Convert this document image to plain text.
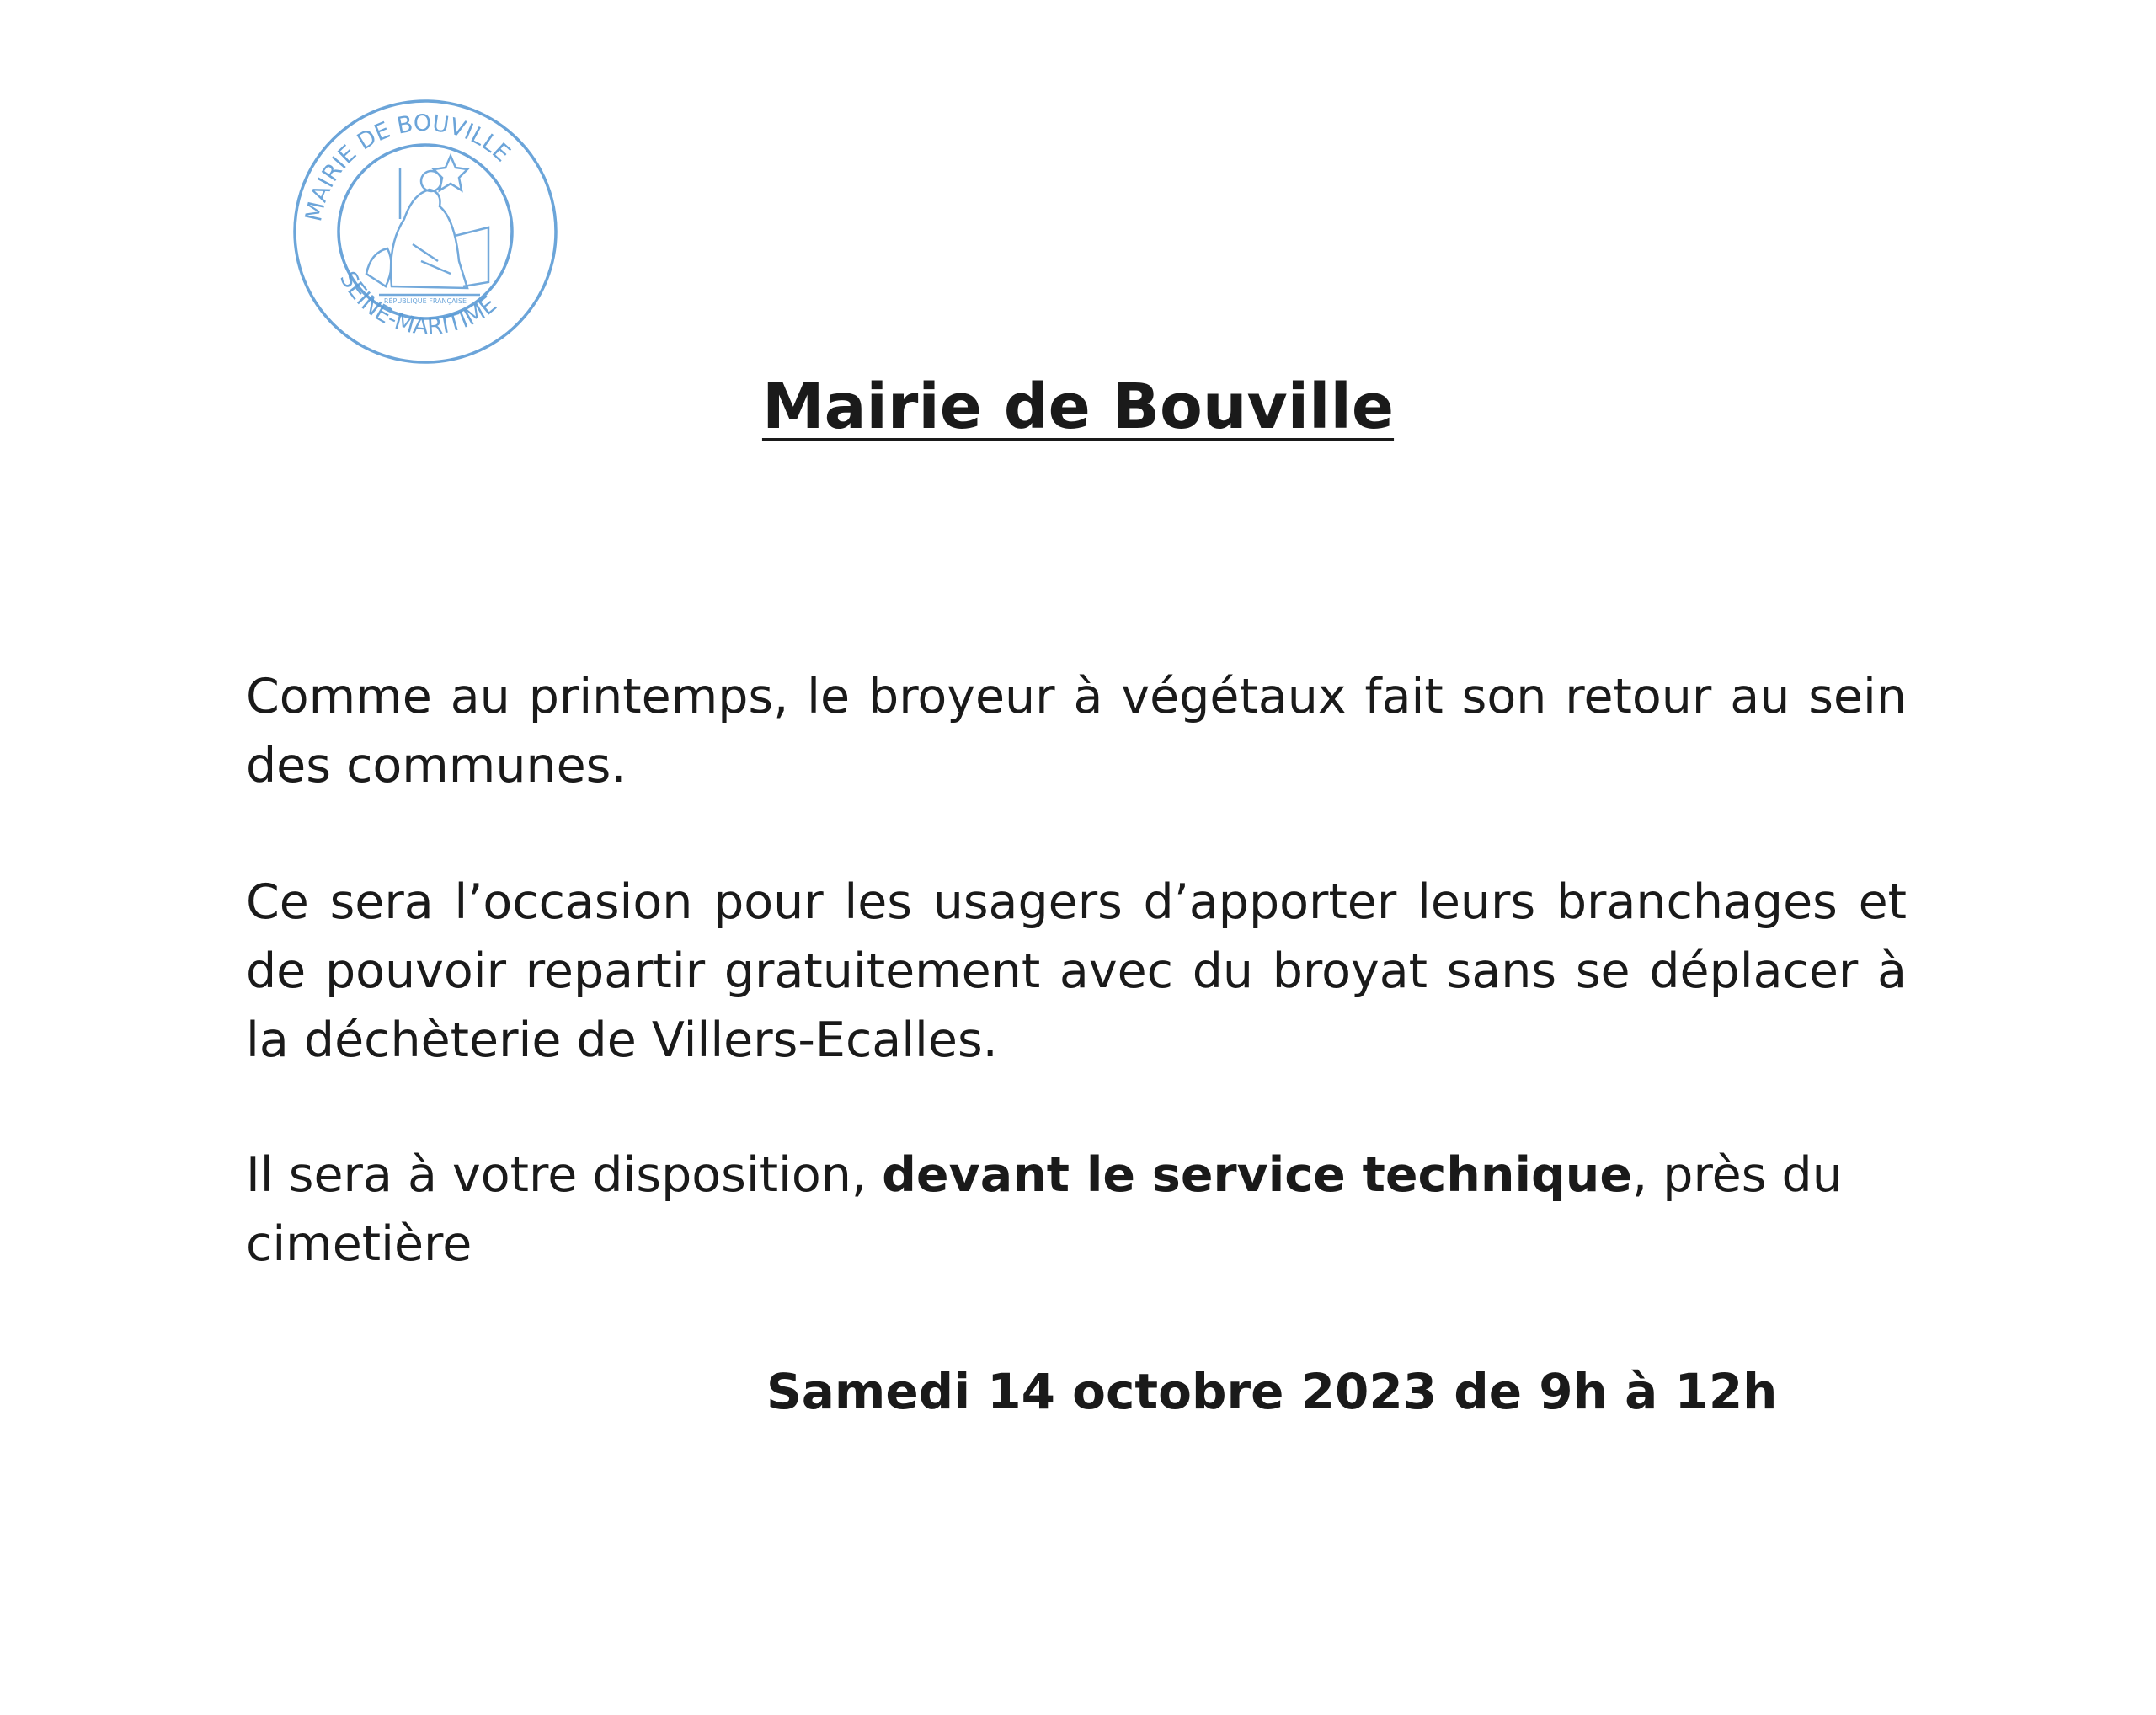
MAIRIE DE BOUVILLE
SEINE-MARITIME
RÉPUBLIQUE FRANÇAISE
Mairie de Bouville

Comme au printemps, le broyeur à végétaux fait son retour au sein des communes.

Ce sera l’occasion pour les usagers d’apporter leurs branchages et de pouvoir repartir gratuitement avec du broyat sans se déplacer à la déchèterie de Villers-Ecalles.

Il sera à votre disposition, devant le service technique, près du cimetière

Samedi 14 octobre 2023 de 9h à 12h
